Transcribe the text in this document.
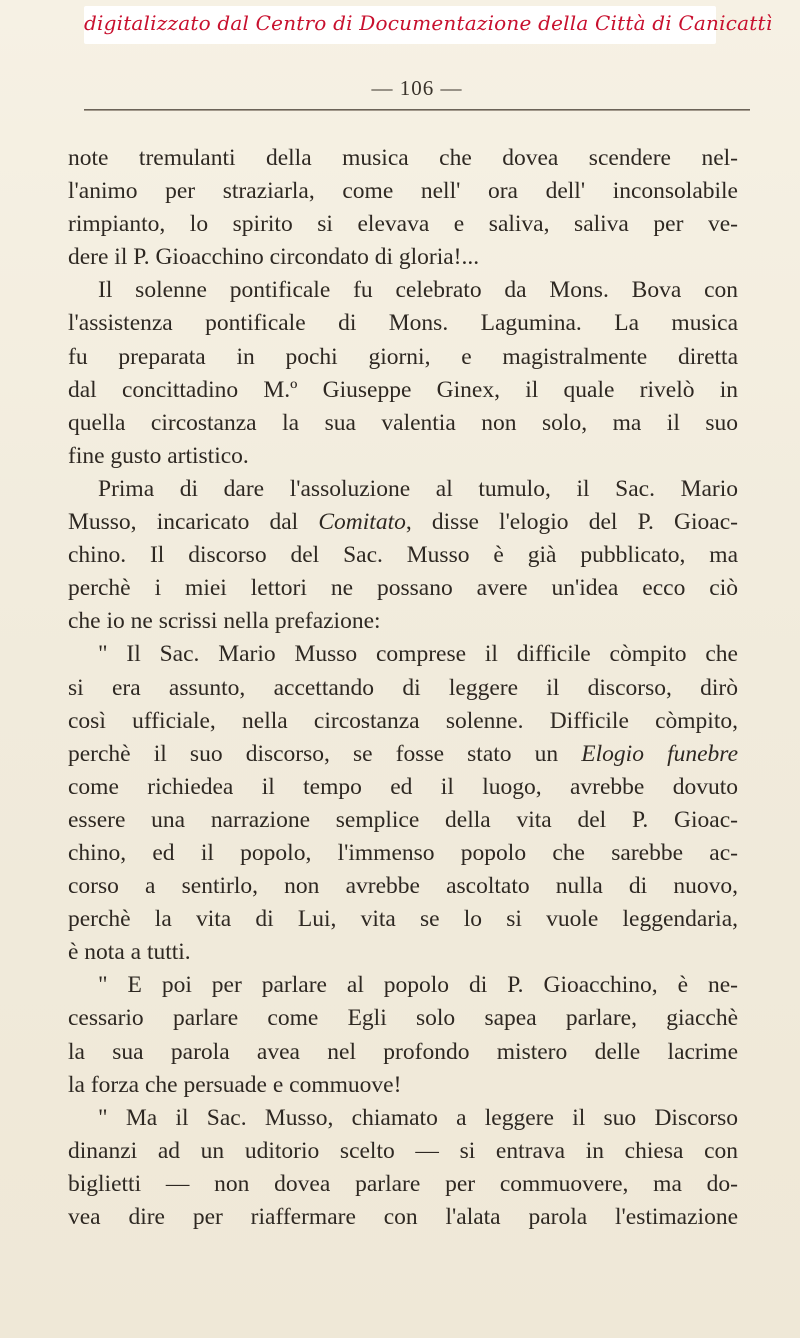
digitalizzato dal Centro di Documentazione della Città di Canicattì
— 106 —
note tremulanti della musica che dovea scendere nel-
l'animo per straziarla, come nell' ora dell' inconsolabile
rimpianto, lo spirito si elevava e saliva, saliva per ve-
dere il P. Gioacchino circondato di gloria!...
Il solenne pontificale fu celebrato da Mons. Bova con
l'assistenza pontificale di Mons. Lagumina. La musica
fu preparata in pochi giorni, e magistralmente diretta
dal concittadino M.º Giuseppe Ginex, il quale rivelò in
quella circostanza la sua valentia non solo, ma il suo
fine gusto artistico.
Prima di dare l'assoluzione al tumulo, il Sac. Mario
Musso, incaricato dal Comitato, disse l'elogio del P. Gioac-
chino. Il discorso del Sac. Musso è già pubblicato, ma
perchè i miei lettori ne possano avere un'idea ecco ciò
che io ne scrissi nella prefazione:
" Il Sac. Mario Musso comprese il difficile còmpito che
si era assunto, accettando di leggere il discorso, dirò
così ufficiale, nella circostanza solenne. Difficile còmpito,
perchè il suo discorso, se fosse stato un Elogio funebre
come richiedea il tempo ed il luogo, avrebbe dovuto
essere una narrazione semplice della vita del P. Gioac-
chino, ed il popolo, l'immenso popolo che sarebbe ac-
corso a sentirlo, non avrebbe ascoltato nulla di nuovo,
perchè la vita di Lui, vita se lo si vuole leggendaria,
è nota a tutti.
" E poi per parlare al popolo di P. Gioacchino, è ne-
cessario parlare come Egli solo sapea parlare, giacchè
la sua parola avea nel profondo mistero delle lacrime
la forza che persuade e commuove!
" Ma il Sac. Musso, chiamato a leggere il suo Discorso
dinanzi ad un uditorio scelto — si entrava in chiesa con
biglietti — non dovea parlare per commuovere, ma do-
vea dire per riaffermare con l'alata parola l'estimazione
